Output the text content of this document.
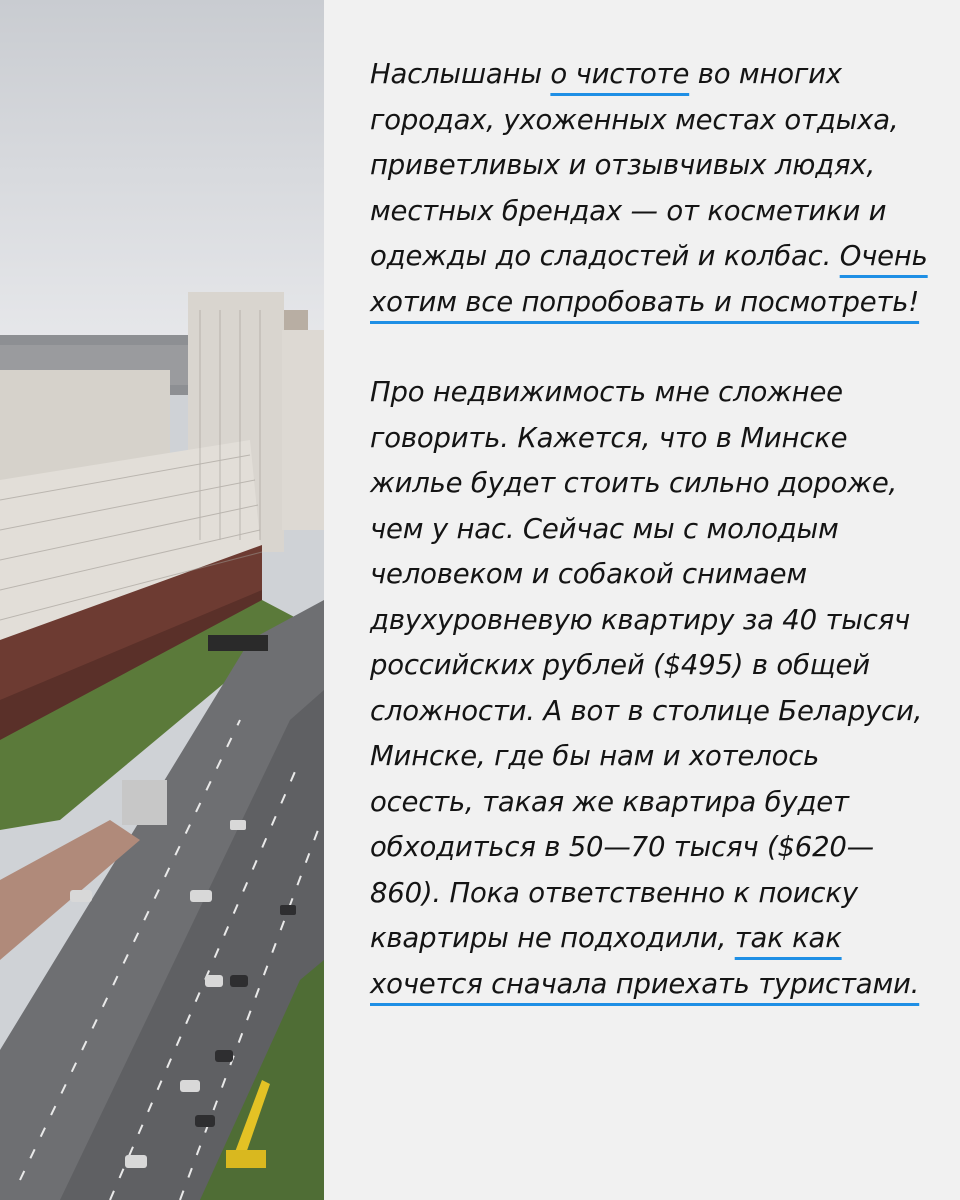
Наслышаны о чистоте во многих городах, ухоженных местах отдыха, приветливых и отзывчивых людях, местных брендах — от косметики и одежды до сладостей и колбас. Очень хотим все попробовать и посмотреть!

Про недвижимость мне сложнее говорить. Кажется, что в Минске жилье будет стоить сильно дороже, чем у нас. Сейчас мы с молодым человеком и собакой снимаем двухуровневую квартиру за 40 тысяч российских рублей ($495) в общей сложности. А вот в столице Беларуси, Минске, где бы нам и хотелось осесть, такая же квартира будет обходиться в 50—70 тысяч ($620—860). Пока ответственно к поиску квартиры не подходили, так как хочется сначала приехать туристами.
